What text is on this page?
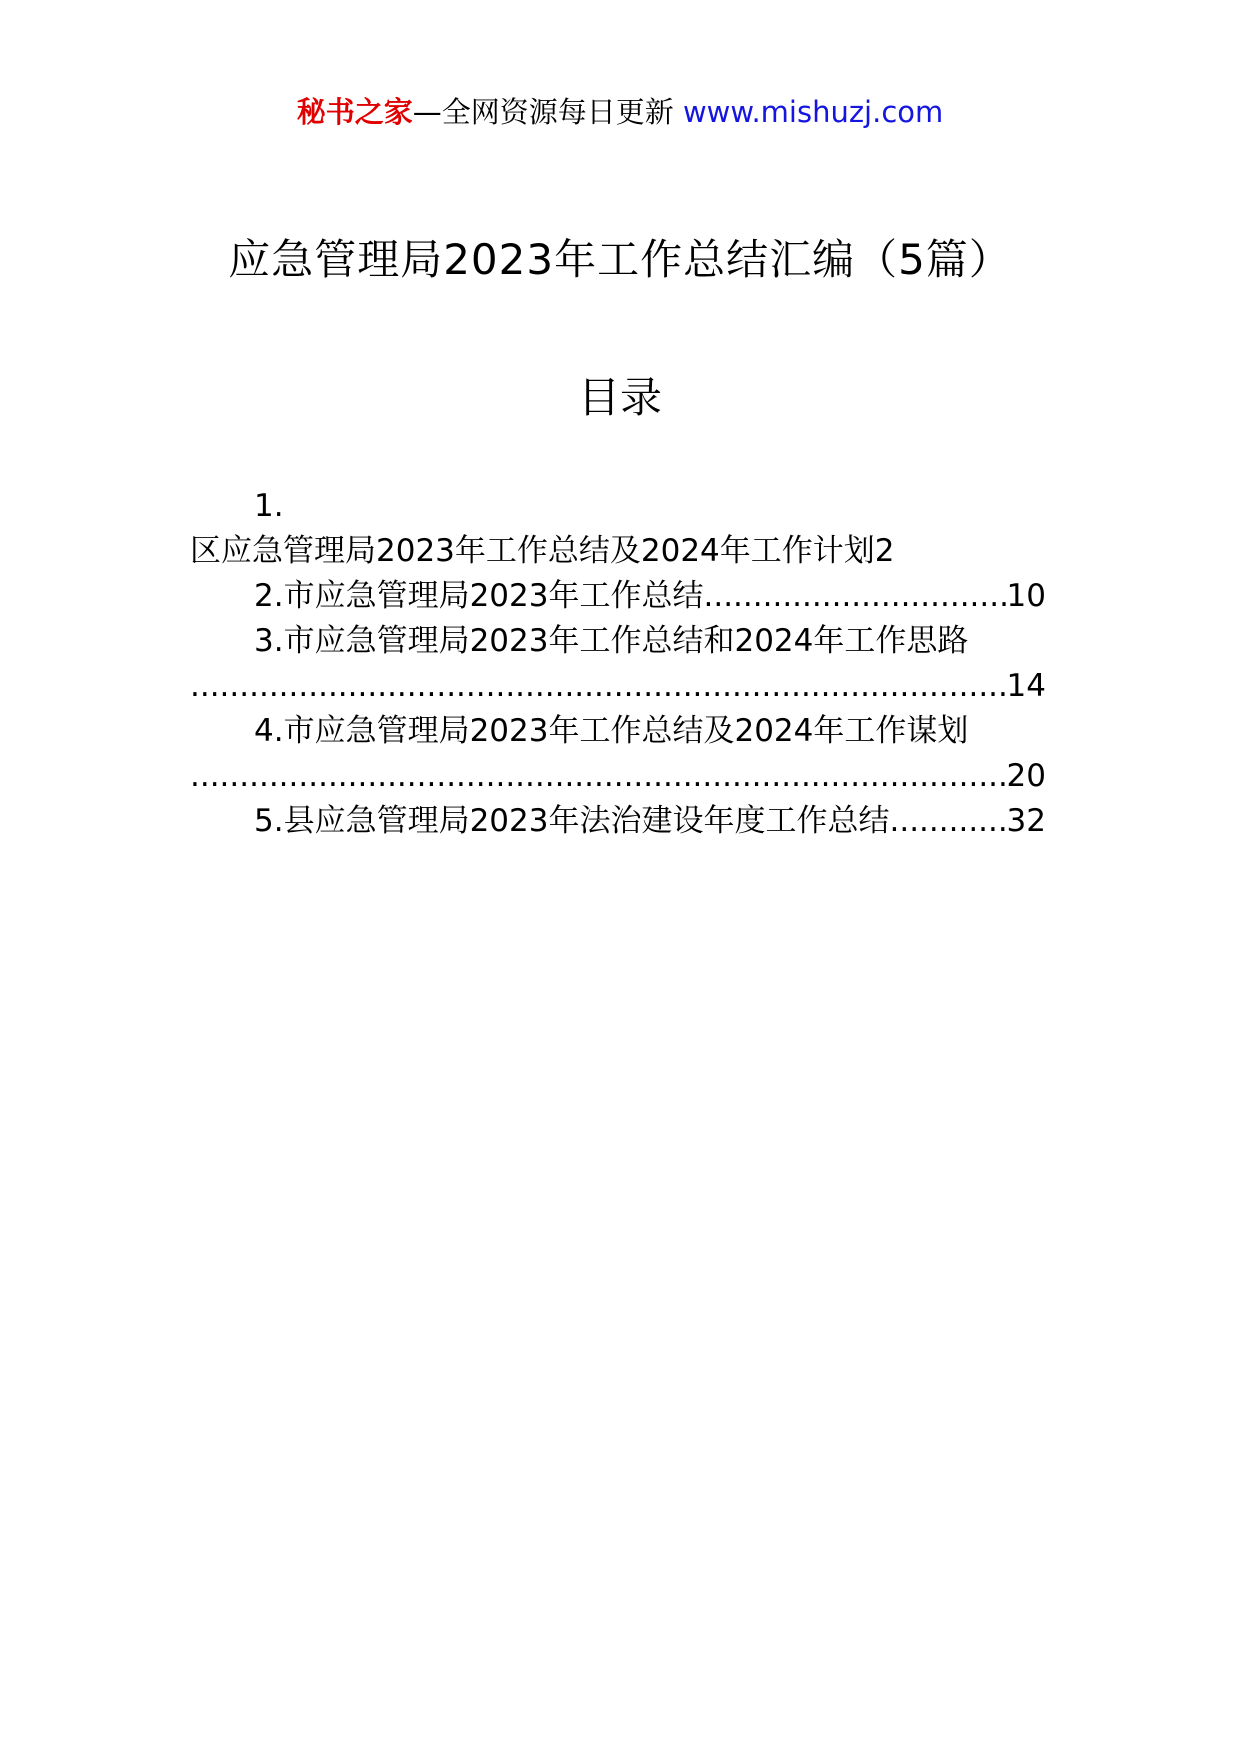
秘书之家—全网资源每日更新 www.mishuzj.com
应急管理局2023年工作总结汇编（5篇）
目录
1.
区应急管理局2023年工作总结及2024年工作计划 2
2. 市应急管理局2023年工作总结 .....	10
3. 市应急管理局2023年工作总结和2024年工作思路
.....
14
4. 市应急管理局2023年工作总结及2024年工作谋划
.....
20
5. 县应急管理局2023年法治建设年度工作总结 .....	32
